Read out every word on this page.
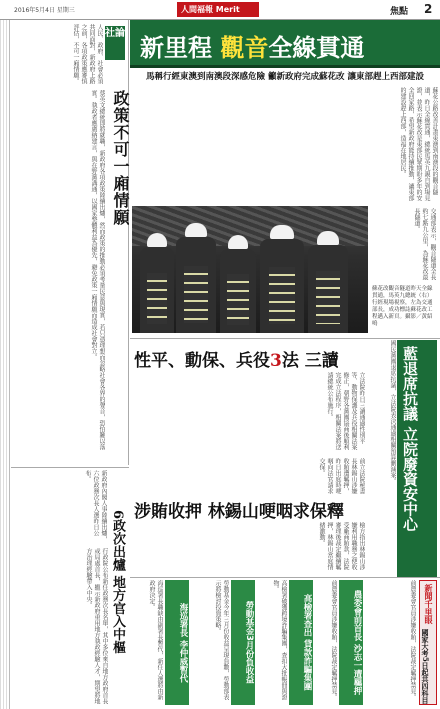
2016年5月4日 星期三	人間福報 Merit	焦點 2
社論
人民、政府、社會必須共同面對，新政府上路之前，各項政策應審慎評估，不可一廂情願。
政策不可一廂情願
蔡英文總統即將就職，新政府各項政策陸續出爐，然而政策的推動必須考量民意與現實，若只憑理想而忽略社會各界的聲音，恐怕難以落實。執政者應廣納建言，與在野黨溝通，以國家整體利益為優先，避免政策一廂情願而造成社會對立。
新里程 觀音全線貫通
馬稱行經東澳到南澳段深感危險 籲新政府完成蘇花改 讓東部趕上西部建設
蘇花公路改善計畫東澳到南澳段的觀音隧道，昨日全線貫通，總統馬英九親自到場見證，並表示蘇花改是東部民眾期盼多年的安全回家路，希望新政府能持續推動，讓東部的建設趕上西部，造福在地居民。
交通部表示，觀音隧道全長約七點九公里，為蘇花改最長隧道。
蘇花改觀音隧道昨天全線貫通，馬英九總統（右）行經現場視察，左為交通部長，成功標誌蘇花改工程邁入新頁。攝影／黃紹鳴
性平、動保、兵役3法 三讀
立法院昨日三讀通過性別平等、動物保護及兵役相關法案修正，朝野各黨團協商後順利完成立法程序，相關法案將送請總統公布施行。	國民黨團退席抗議，立法院表決通過相關預算刪減案。 藍退席抗議 立院廢資安中心
前立法院秘書長林錫山涉嫌收賄遭羈押，昨日出庭時哽咽向法官請求交保。
涉賄收押 林錫山哽咽求保釋
檢方指出林錫山涉嫌利用職務之便收受廠商賄款，法院審理後裁定繼續羈押，林錫山當庭情緒激動。
新政府內閣人事陸續出爐，六位政務次長人選昨日公布。
6政次出爐 地方官入中樞
行政院公布新任政務次長名單，其中多位來自地方政府首長或局處首長，顯示新政府重用地方執政經驗人才，期望將地方治理經驗帶入中央。
海巡署長職缺由副署長暫代，新任人選將由新政府決定。
海巡署長 李仲威暫代	勞動基金今年三月份收益呈現負數，勞動部表示將檢討投資策略。	勞動基金3月份負收益	高檢署破獲跨境詐騙集團，查扣大批帳冊與證物。
高檢署查出 貸款詐騙集團	前農委會官員涉嫌收賄，法院裁定羈押禁見。	農委會前首長 沙志一遭羈押	前農委會官員涉嫌收賄，法院裁定羈押禁見。	新聞千里眼
國家大考5日起共四科目
